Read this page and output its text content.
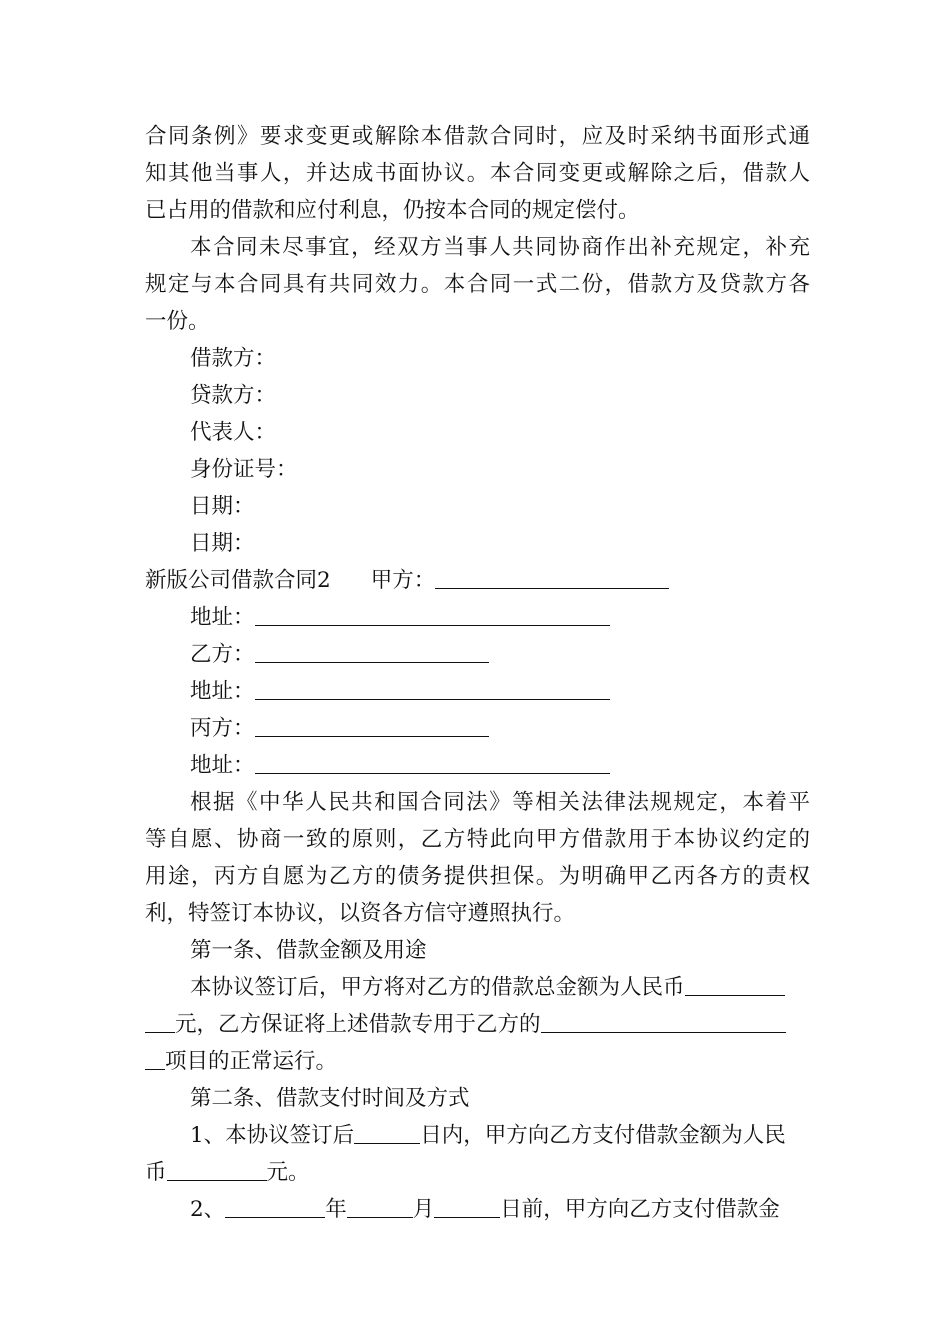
合同条例》要求变更或解除本借款合同时，应及时采纳书面形式通
知其他当事人，并达成书面协议。本合同变更或解除之后，借款人
已占用的借款和应付利息，仍按本合同的规定偿付。
本合同未尽事宜，经双方当事人共同协商作出补充规定，补充
规定与本合同具有共同效力。本合同一式二份，借款方及贷款方各
一份。
借款方：
贷款方：
代表人：
身份证号：
日期：
日期：
新版公司借款合同2 甲方：
地址：
乙方：
地址：
丙方：
地址：
根据《中华人民共和国合同法》等相关法律法规规定，本着平
等自愿、协商一致的原则，乙方特此向甲方借款用于本协议约定的
用途，丙方自愿为乙方的债务提供担保。为明确甲乙丙各方的责权
利，特签订本协议，以资各方信守遵照执行。
第一条、借款金额及用途
本协议签订后，甲方将对乙方的借款总金额为人民币
元，乙方保证将上述借款专用于乙方的
项目的正常运行。
第二条、借款支付时间及方式
1、本协议签订后	日内，甲方向乙方支付借款金额为人民
币	元。
2、	年	月	日前，甲方向乙方支付借款金
